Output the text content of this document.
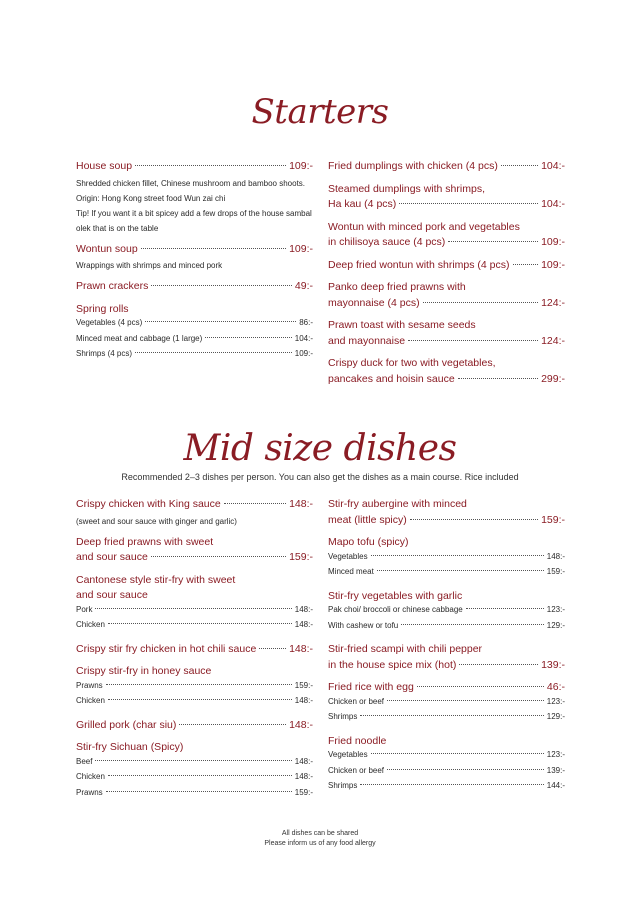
Starters
House soup	109:-
Shredded chicken fillet, Chinese mushroom and bamboo shoots. Origin: Hong Kong street food Wun zai chi
Tip! If you want it a bit spicey add a few drops of the house sambal olek that is on the table
Wontun soup	109:-
Wrappings with shrimps and minced pork
Prawn crackers	49:-
Spring rolls
Vegetables (4 pcs)	86:-
Minced meat and cabbage (1 large)	104:-
Shrimps (4 pcs)	109:-
Fried dumplings with chicken (4 pcs)	104:-
Steamed dumplings with shrimps,
Ha kau (4 pcs)	104:-
Wontun with minced pork and vegetables
in chilisoya sauce (4 pcs)	109:-
Deep fried wontun with shrimps (4 pcs)	109:-
Panko deep fried prawns with
mayonnaise (4 pcs)	124:-
Prawn toast with sesame seeds
and mayonnaise	124:-
Crispy duck for two with vegetables,
pancakes and hoisin sauce	299:-
Mid size dishes
Recommended 2–3 dishes per person. You can also get the dishes as a main course. Rice included
Crispy chicken with King sauce	148:-
(sweet and sour sauce with ginger and garlic)
Deep fried prawns with sweet
and sour sauce	159:-
Cantonese style stir-fry with sweet
and sour sauce
Pork	148:-
Chicken	148:-
Crispy stir fry chicken in hot chili sauce	148:-
Crispy stir-fry in honey sauce
Prawns	159:-
Chicken	148:-
Grilled pork (char siu)	148:-
Stir-fry Sichuan (Spicy)
Beef	148:-
Chicken	148:-
Prawns	159:-
Stir-fry aubergine with minced
meat (little spicy)	159:-
Mapo tofu (spicy)
Vegetables	148:-
Minced meat	159:-
Stir-fry vegetables with garlic
Pak choi/ broccoli or chinese cabbage	123:-
With cashew or tofu	129:-
Stir-fried scampi with chili pepper
in the house spice mix (hot)	139:-
Fried rice with egg	46:-
Chicken or beef	123:-
Shrimps	129:-
Fried noodle
Vegetables	123:-
Chicken or beef	139:-
Shrimps	144:-
All dishes can be shared
Please inform us of any food allergy
